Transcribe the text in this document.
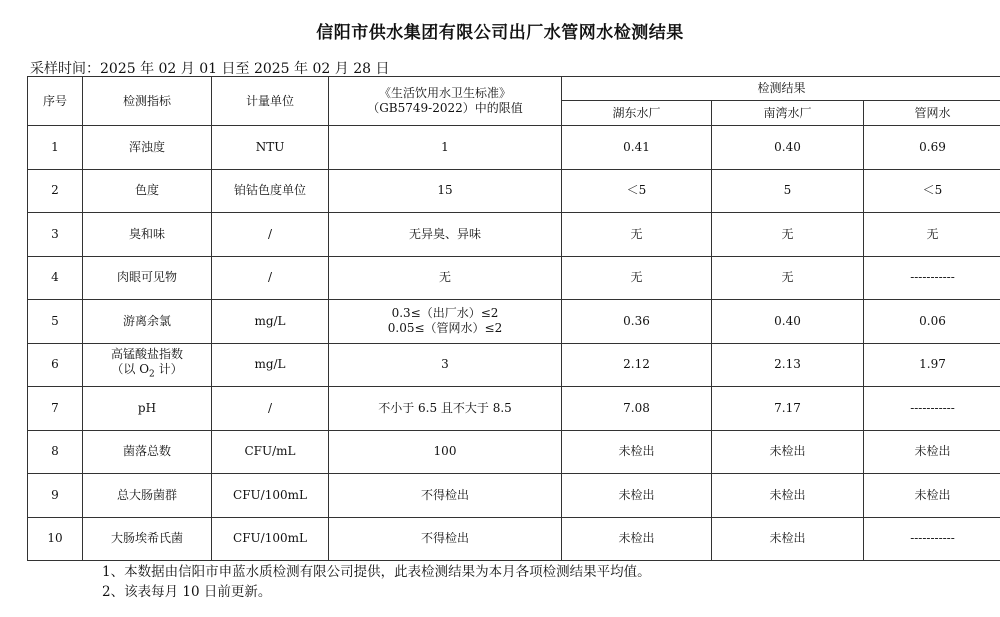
信阳市供水集团有限公司出厂水管网水检测结果
采样时间：2025 年 02 月 01 日至 2025 年 02 月 28 日
序号	检测指标	计量单位	《生活饮用水卫生标准》
（GB5749-2022）中的限值	检测结果		
				湖东水厂	南湾水厂	管网水
1	浑浊度	NTU	1	0.41	0.40	0.69
2	色度	铂钴色度单位	15	＜5	5	＜5
3	臭和味	/	无异臭、异味	无	无	无
4	肉眼可见物	/	无	无	无	-----------
5	游离余氯	mg/L	0.3≤（出厂水）≤2
0.05≤（管网水）≤2	0.36	0.40	0.06
6	高锰酸盐指数
（以 $O_2$ 计）	mg/L	3	2.12	2.13	1.97
7	pH	/	不小于 6.5 且不大于 8.5	7.08	7.17	-----------
8	菌落总数	CFU/mL	100	未检出	未检出	未检出
9	总大肠菌群	CFU/100mL	不得检出	未检出	未检出	未检出
10	大肠埃希氏菌	CFU/100mL	不得检出	未检出	未检出	-----------
1、本数据由信阳市申蓝水质检测有限公司提供，此表检测结果为本月各项检测结果平均值。
2、该表每月 10 日前更新。
